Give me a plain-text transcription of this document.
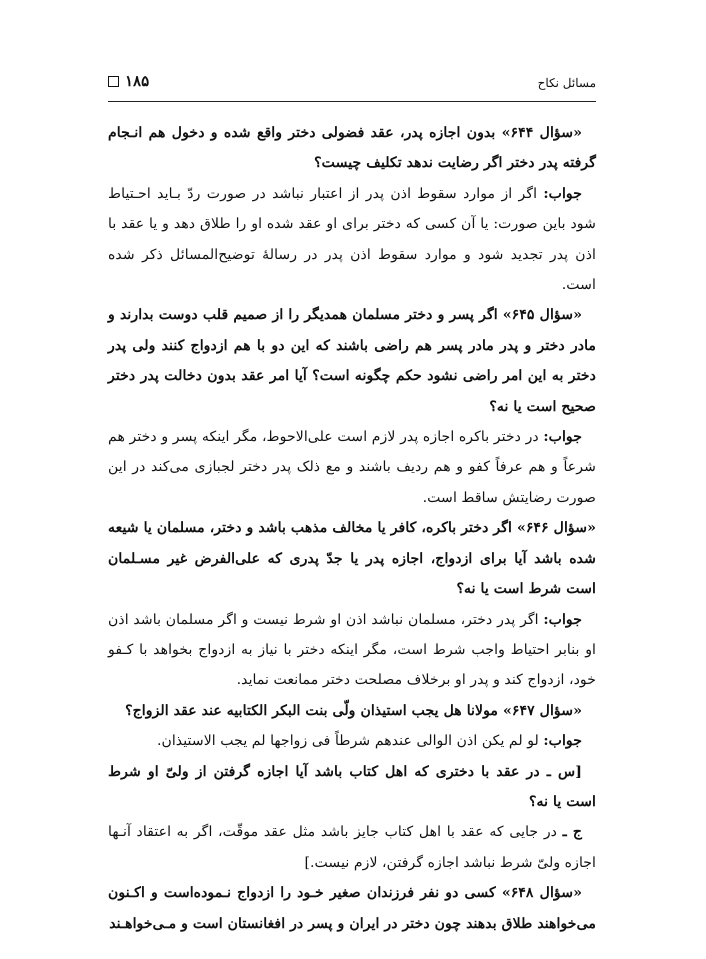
مسائل نکاح
۱۸۵

«سؤال ۶۴۴» بدون اجازه پدر، عقد فضولی دختر واقع شده و دخول هم انـجام گرفته پدر دختر اگر رضایت ندهد تکلیف چیست؟

جواب: اگر از موارد سقوط اذن پدر از اعتبار نباشد در صورت ردّ بـاید احـتیاط شود باین صورت: یا آن کسی که دختر برای او عقد شده او را طلاق دهد و یا عقد با اذن پدر تجدید شود و موارد سقوط اذن پدر در رسالهٔ توضیح‌المسائل ذکر شده است.

«سؤال ۶۴۵» اگر پسر و دختر مسلمان همدیگر را از صمیم قلب دوست بدارند و مادر دختر و پدر مادر پسر هم راضی باشند که این دو با هم ازدواج کنند ولی پدر دختر به این امر راضی نشود حکم چگونه است؟ آیا امر عقد بدون دخالت پدر دختر صحیح است یا نه؟

جواب: در دختر باکره اجازه پدر لازم است علی‌الاحوط، مگر اینکه پسر و دختر هم شرعاً و هم عرفاً کفو و هم ردیف باشند و مع ذلک پدر دختر لجبازی می‌کند در این صورت رضایتش ساقط است.

«سؤال ۶۴۶» اگر دختر باکره، کافر یا مخالف مذهب باشد و دختر، مسلمان یا شیعه شده باشد آیا برای ازدواج، اجازه پدر یا جدّ پدری که علی‌الفرض غیر مسـلمان است شرط است یا نه؟

جواب: اگر پدر دختر، مسلمان نباشد اذن او شرط نیست و اگر مسلمان باشد اذن او بنابر احتیاط واجب شرط است، مگر اینکه دختر با نیاز به ازدواج بخواهد با کـفو خود، ازدواج کند و پدر او برخلاف مصلحت دختر ممانعت نماید.

«سؤال ۶۴۷» مولانا هل یجب استیذان ولّی بنت البکر الکتابیه عند عقد الزواج؟

جواب: لو لم یکن اذن الوالی عندهم شرطاً فی زواجها لم یجب الاستیذان.

[س ـ در عقد با دختری که اهل کتاب باشد آیا اجازه گرفتن از ولیّ او شرط است یا نه؟

ج ـ در جایی که عقد با اهل کتاب جایز باشد مثل عقد موقّت، اگر به اعتقاد آنـها اجازه ولیّ شرط نباشد اجازه گرفتن، لازم نیست.]

«سؤال ۶۴۸» کسی دو نفر فرزندان صغیر خـود را ازدواج نـموده‌است و اکـنون می‌خواهند طلاق بدهند چون دختر در ایران و پسر در افغانستان است و مـی‌خواهـند
